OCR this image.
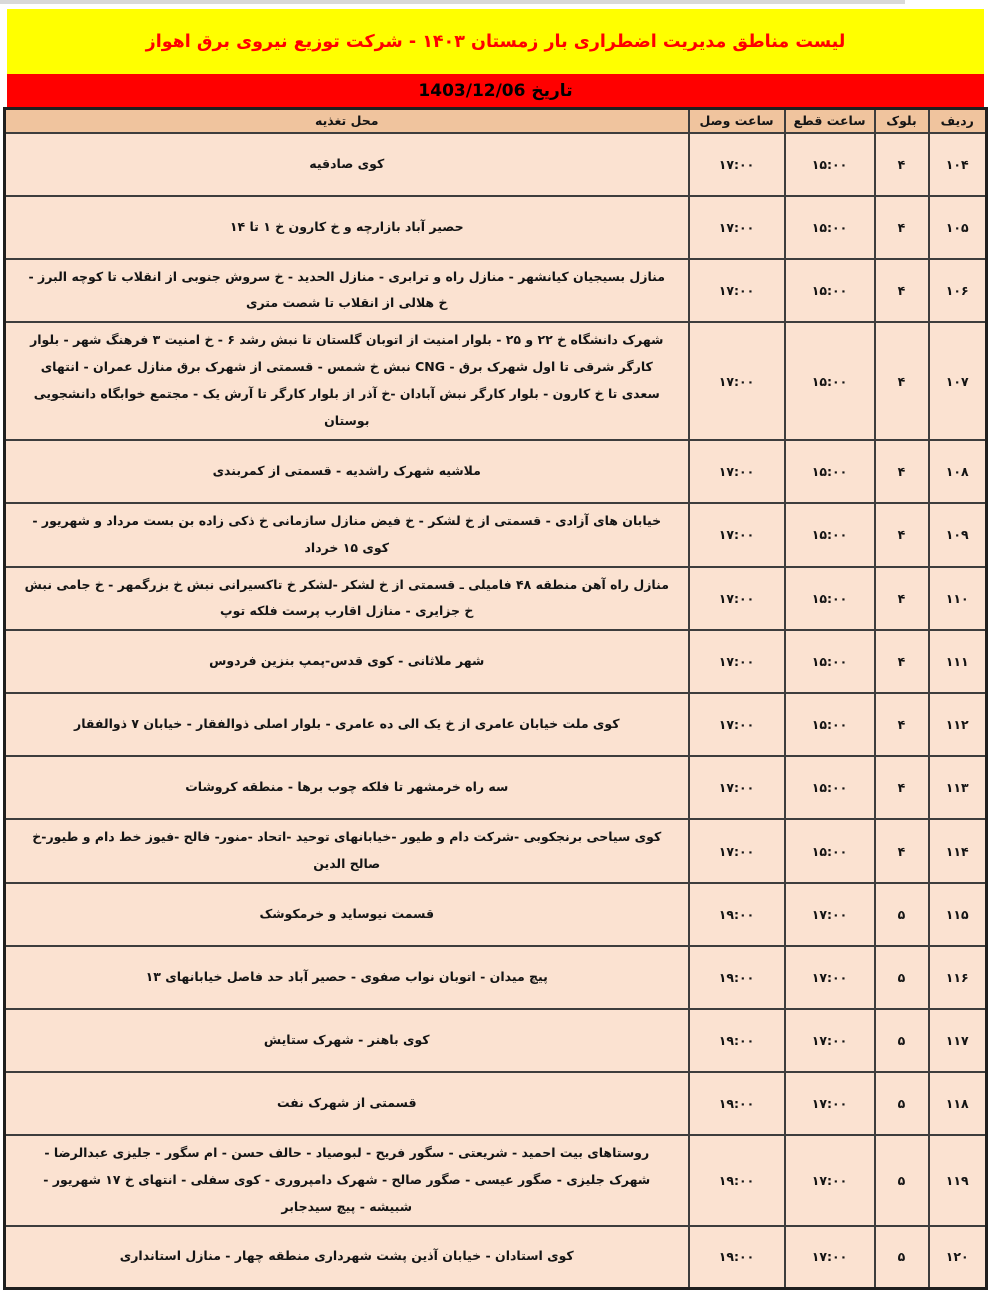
لیست مناطق مدیریت اضطراری بار زمستان ۱۴۰۳ - شرکت توزیع نیروی برق اهواز
تاریخ 1403/12/06
ردیف	بلوک	ساعت قطع	ساعت وصل	محل تغذیه
۱۰۴	۴	۱۵:۰۰	۱۷:۰۰	کوی صادقیه
۱۰۵	۴	۱۵:۰۰	۱۷:۰۰	حصیر آباد بازارچه و خ کارون خ ۱ تا ۱۴
۱۰۶	۴	۱۵:۰۰	۱۷:۰۰	منازل بسیجیان کیانشهر - منازل راه و ترابری - منازل الحدید - خ سروش جنوبی از انقلاب تا کوچه البرز - خ هلالی از انقلاب تا شصت متری
۱۰۷	۴	۱۵:۰۰	۱۷:۰۰	شهرک دانشگاه خ ۲۲ و ۲۵ - بلوار امنیت از اتوبان گلستان تا نبش رشد ۶ - خ امنیت ۳ فرهنگ شهر - بلوار کارگر شرقی تا اول شهرک برق - CNG نبش خ شمس - قسمتی از شهرک برق منازل عمران - انتهای سعدی تا خ کارون - بلوار کارگر نبش آبادان -خ آذر از بلوار کارگر تا آرش یک - مجتمع خوابگاه دانشجویی بوستان
۱۰۸	۴	۱۵:۰۰	۱۷:۰۰	ملاشیه شهرک راشدیه - قسمتی از کمربندی
۱۰۹	۴	۱۵:۰۰	۱۷:۰۰	خیابان های آزادی - قسمتی از خ لشکر - خ فیض منازل سازمانی خ ذکی زاده بن بست مرداد و شهریور - کوی ۱۵ خرداد
۱۱۰	۴	۱۵:۰۰	۱۷:۰۰	منازل راه آهن منطقه ۴۸ فامیلی ـ قسمتی از خ لشکر -لشکر خ تاکسیرانی نبش خ بزرگمهر - خ جامی نبش خ جزایری - منازل اقارب پرست فلکه توپ
۱۱۱	۴	۱۵:۰۰	۱۷:۰۰	شهر ملاثانی - کوی قدس-پمپ بنزین فردوس
۱۱۲	۴	۱۵:۰۰	۱۷:۰۰	کوی ملت خیابان عامری از خ یک الی ده عامری - بلوار اصلی ذوالفقار - خیابان ۷ ذوالفقار
۱۱۳	۴	۱۵:۰۰	۱۷:۰۰	سه راه خرمشهر تا فلکه چوب برها - منطقه کروشات
۱۱۴	۴	۱۵:۰۰	۱۷:۰۰	کوی سیاحی برنجکوبی -شرکت دام و طیور -خیابانهای توحید -اتحاد -منور- فالح -فیوز خط دام و طیور-خ صالح الدین
۱۱۵	۵	۱۷:۰۰	۱۹:۰۰	قسمت نیوساید و خرمکوشک
۱۱۶	۵	۱۷:۰۰	۱۹:۰۰	پیچ میدان - اتوبان نواب صفوی - حصیر آباد حد فاصل خیابانهای ۱۳
۱۱۷	۵	۱۷:۰۰	۱۹:۰۰	کوی باهنر - شهرک ستایش
۱۱۸	۵	۱۷:۰۰	۱۹:۰۰	قسمتی از شهرک نفت
۱۱۹	۵	۱۷:۰۰	۱۹:۰۰	روستاهای بیت احمید - شریعتی - سگور فریح - لبوصیاد - حالف حسن - ام سگور - جلیزی عبدالرضا - شهرک جلیزی - صگور عیسی - صگور صالح - شهرک دامپروری - کوی سفلی - انتهای خ ۱۷ شهریور - شبیشه - پیچ سیدجابر
۱۲۰	۵	۱۷:۰۰	۱۹:۰۰	کوی استادان - خیابان آذین پشت شهرداری منطقه چهار - منازل استانداری
